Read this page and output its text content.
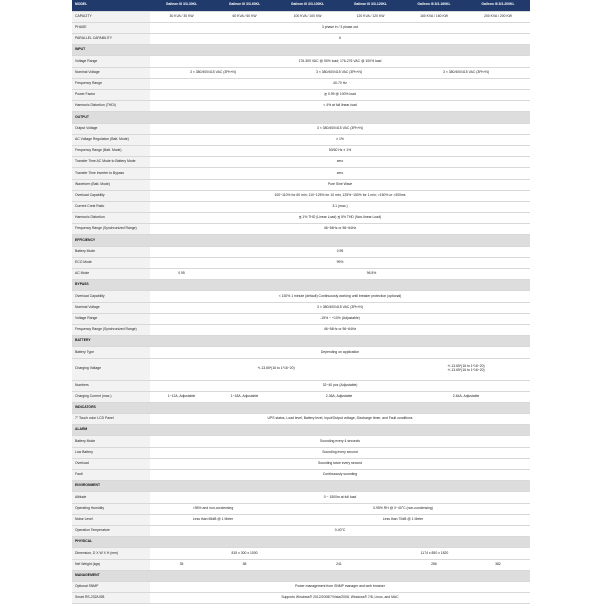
MODEL	Galleon III 3/3-30KL	Galleon III 3/3-60KL	Galleon III 3/3-100KL	Galleon III 3/3-120KL	Galleon III 3/3-160KL	Galleon III 3/3-200KL
CAPACITY	30 KVA / 30 KW	60 KVA / 60 KW	100 KVA / 100 KW	120 KVA / 120 KW	160 KVA / 160 KW	200 KVA / 200 KW
PHASE	3 phase in / 3 phase out					
PARALLEL CAPABILITY	6					
INPUT						
Voltage Range	176-300 VAC @ 50% load; 176-276 VAC @ 100% load					
Nominal Voltage	3 × 380/400/415 VAC (3Ph+N)		3 × 380/400/415 VAC (3Ph+N)		3 × 380/400/415 VAC (3Ph+N)	
Frequency Range	40-70 Hz					
Power Factor	≧ 0.99 @ 100% load					
Harmonic Distortion (THDi)	< 4% at full linear load					
OUTPUT						
Output Voltage	3 × 380/400/415 VAC (3Ph+N)					
AC Voltage Regulation (Batt. Mode)	± 1%					
Frequency Range (Batt. Mode)	50/60 Hz ± 1%					
Transfer Time AC Mode to Battery Mode	zero					
Transfer Time Inverter to Bypass	zero					
Waveform (Batt. Mode)	Pure Sine Wave					
Overload Capability	100~110% for 60 min; 110~125% for 10 min; 125%~150% for 1 min; >150% or >300ms					
Current Crest Ratio	3:1 (max.)					
Harmonic Distortion	≦ 1% THD (Linear Load) ≦ 5% THD (Non-linear Load)					
Frequency Range (Synchronized Range)	46~54Hz or 56~64Hz					
EFFICIENCY						
Battery Mode	0.95					
ECO Mode	99%					
AC Mode	0.95	96.5%				
BYPASS						
Overload Capability	< 130% 1 minute (default) Continuously working until breaker protection (optional)					
Nominal Voltage	3 × 380/400/415 VAC (3Ph+N)					
Voltage Range	-15% ~ +10% (Adjustable)					
Frequency Range (Synchronized Range)	46~54Hz or 56~64Hz					
BATTERY						
Battery Type	Depending on application					
Charging Voltage	+/-13.65*(16 to 1*16~20)				+/-13.65*(16 to 1*16~20)
+/-13.65*(16 to 1*16~20)	

Numbers	32~40 pcs (Adjustable)					
Charging Current (max.)	1~12A, Adjustable	1~18A, Adjustable	2-36A, Adjustable		2-64A, Adjustable	
INDICATORS						
7" Touch color LCD Panel	UPS status, Load level, Battery level, Input/Output voltage, Discharge timer, and Fault conditions					
ALARM						
Battery Mode	Sounding every 4 seconds					
Low Battery	Sounding every second					
Overload	Sounding twice every second					
Fault	Continuously sounding					
ENVIRONMENT						
Altitude	0 ~ 1500m at full load					
Operating Humidity	<95% and non-condensing		0-95% RH @ 0~40°C (non-condensing)			
Noise Level	Less than 65dB @ 1 Meter		Less than 70dB @ 1 Meter			
Operation Temperature	0-40°C					
PHYSICAL						
Dimension, D X W X H (mm)	815 x 300 x 1000			1174 x 850 x 1820		
Net Weight (kgs)	35	58	241		286	382
MANAGEMENT						
Optional SNMP	Power management from SNMP manager and web browser					
Smart RS-232/USB	Supports Windows® 2012/2008/7/Vista/2008, Windows® 7/8, Linux, and MAC					
